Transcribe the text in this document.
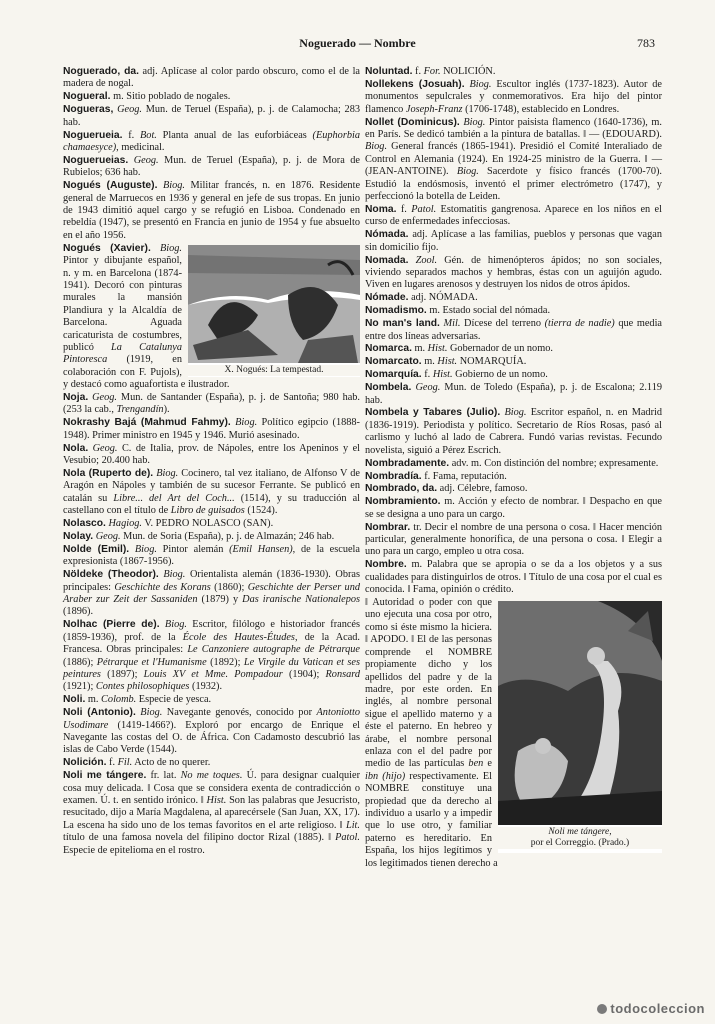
Noguerado — Nombre	783

Noguerado, da. adj. Aplícase al color pardo obscuro, como el de la madera de nogal.

Nogueral. m. Sitio poblado de nogales.

Nogueras, Geog. Mun. de Teruel (España), p. j. de Calamocha; 283 hab.

Noguerueia. f. Bot. Planta anual de las euforbiáceas (Euphorbia chamaesyce), medicinal.

Noguerueias. Geog. Mun. de Teruel (España), p. j. de Mora de Rubielos; 636 hab.

Nogués (Auguste). Biog. Militar francés, n. en 1876. Residente general de Marruecos en 1936 y general en jefe de sus tropas. En junio de 1943 dimitió aquel cargo y se refugió en Lisboa. Condenado en rebeldía (1947), se presentó en Francia en junio de 1954 y fue absuelto en el año 1956.

X. Nogués: La tempestad.

Nogués (Xavier). Biog. Pintor y dibujante español, n. y m. en Barcelona (1874-1941). Decoró con pinturas murales la mansión Plandiura y la Alcaldía de Barcelona. Aguada caricaturista de costumbres, publicó La Catalunya Pintoresca (1919, en colaboración con F. Pujols), y destacó como aguafortista e ilustrador.

Noja. Geog. Mun. de Santander (España), p. j. de Santoña; 980 hab. (253 la cab., Trengandín).

Nokrashy Bajá (Mahmud Fahmy). Biog. Político egipcio (1888-1948). Primer ministro en 1945 y 1946. Murió asesinado.

Nola. Geog. C. de Italia, prov. de Nápoles, entre los Apeninos y el Vesubio; 20.400 hab.

Nola (Ruperto de). Biog. Cocinero, tal vez italiano, de Alfonso V de Aragón en Nápoles y también de su sucesor Ferrante. Se publicó en catalán su Libre... del Art del Coch... (1514), y su traducción al castellano con el título de Libro de guisados (1524).

Nolasco. Hagiog. V. PEDRO NOLASCO (SAN).

Nolay. Geog. Mun. de Soria (España), p. j. de Almazán; 246 hab.

Nolde (Emil). Biog. Pintor alemán (Emil Hansen), de la escuela expresionista (1867-1956).

Nöldeke (Theodor). Biog. Orientalista alemán (1836-1930). Obras principales: Geschichte des Korans (1860); Geschichte der Perser und Araber zur Zeit der Sassaniden (1879) y Das iranische Nationalepos (1896).

Nolhac (Pierre de). Biog. Escritor, filólogo e historiador francés (1859-1936), prof. de la École des Hautes-Études, de la Acad. Francesa. Obras principales: Le Canzoniere autographe de Pétrarque (1886); Pétrarque et l'Humanisme (1892); Le Virgile du Vatican et ses peintures (1897); Louis XV et Mme. Pompadour (1904); Ronsard (1921); Contes philosophiques (1932).

Noli. m. Colomb. Especie de yesca.

Noli (Antonio). Biog. Navegante genovés, conocido por Antoniotto Usodimare (1419-1466?). Exploró por encargo de Enrique el Navegante las costas del O. de África. Con Cadamosto descubrió las islas de Cabo Verde (1544).

Nolición. f. Fil. Acto de no querer.

Noli me tángere. fr. lat. No me toques. Ú. para designar cualquier cosa muy delicada. ‖ Cosa que se considera exenta de contradicción o examen. Ú. t. en sentido irónico. ‖ Hist. Son las palabras que Jesucristo, resucitado, dijo a María Magdalena, al aparecérsele (San Juan, XX, 17). La escena ha sido uno de los temas favoritos en el arte religioso. ‖ Lit. título de una famosa novela del filipino doctor Rizal (1885). ‖ Patol. Especie de epitelioma en el rostro.

Noluntad. f. For. NOLICIÓN.

Nollekens (Josuah). Biog. Escultor inglés (1737-1823). Autor de monumentos sepulcrales y conmemorativos. Era hijo del pintor flamenco Joseph-Franz (1706-1748), establecido en Londres.

Nollet (Dominicus). Biog. Pintor paisista flamenco (1640-1736), m. en París. Se dedicó también a la pintura de batallas. ‖ — (EDOUARD). Biog. General francés (1865-1941). Presidió el Comité Interaliado de Control en Alemania (1924). En 1924-25 ministro de la Guerra. ‖ — (JEAN-ANTOINE). Biog. Sacerdote y físico francés (1700-70). Estudió la endósmosis, inventó el primer electrómetro (1747), y perfeccionó la botella de Leiden.

Noma. f. Patol. Estomatitis gangrenosa. Aparece en los niños en el curso de enfermedades infecciosas.

Nómada. adj. Aplícase a las familias, pueblos y personas que vagan sin domicilio fijo.

Nomada. Zool. Gén. de himenópteros ápidos; no son sociales, viviendo separados machos y hembras, éstas con un aguijón agudo. Viven en lugares arenosos y destruyen los nidos de otros ápidos.

Nómade. adj. NÓMADA.

Nomadismo. m. Estado social del nómada.

No man's land. Mil. Dícese del terreno (tierra de nadie) que media entre dos líneas adversarias.

Nomarca. m. Hist. Gobernador de un nomo.

Nomarcato. m. Hist. NOMARQUÍA.

Nomarquía. f. Hist. Gobierno de un nomo.

Nombela. Geog. Mun. de Toledo (España), p. j. de Escalona; 2.119 hab.

Nombela y Tabares (Julio). Biog. Escritor español, n. en Madrid (1836-1919). Periodista y político. Secretario de Ríos Rosas, pasó al carlismo y luchó al lado de Cabrera. Fundó varias revistas. Fecundo novelista, siguió a Pérez Escrich.

Nombradamente. adv. m. Con distinción del nombre; expresamente.

Nombradía. f. Fama, reputación.

Nombrado, da. adj. Célebre, famoso.

Nombramiento. m. Acción y efecto de nombrar. ‖ Despacho en que se se designa a uno para un cargo.

Nombrar. tr. Decir el nombre de una persona o cosa. ‖ Hacer mención particular, generalmente honorífica, de una persona o cosa. ‖ Elegir a uno para un cargo, empleo u otra cosa.

Nombre. m. Palabra que se apropia o se da a los objetos y a sus cualidades para distinguirlos de otros. ‖ Título de una cosa por el cual es conocida. ‖ Fama, opinión o crédito.

Noli me tángere,
por el Correggio. (Prado.)

‖ Autoridad o poder con que uno ejecuta una cosa por otro, como si éste mismo la hiciera. ‖ APODO. ‖ El de las personas comprende el NOMBRE propiamente dicho y los apellidos del padre y de la madre, por este orden. En inglés, al nombre personal sigue el apellido materno y a éste el paterno. En hebreo y árabe, el nombre personal enlaza con el del padre por medio de las partículas ben e ibn (hijo) respectivamente. El NOMBRE constituye una propiedad que da derecho al individuo a usarlo y a impedir que lo use otro, y familiar paterno es hereditario. En España, los hijos legítimos y los legitimados tienen derecho a

todocoleccion
